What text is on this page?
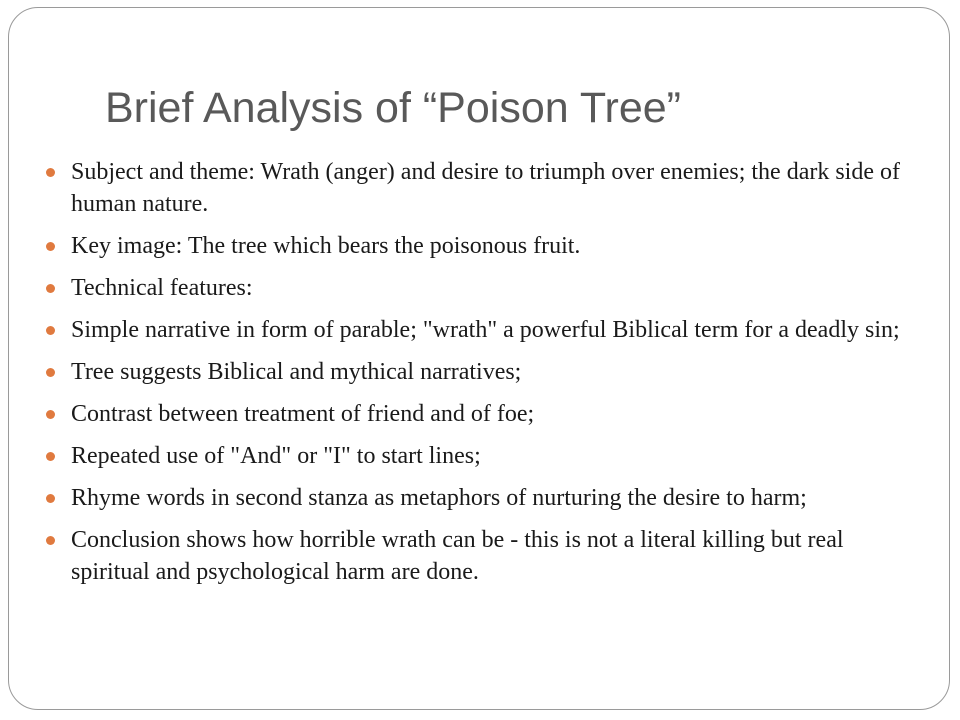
Brief Analysis of “Poison Tree”
Subject and theme: Wrath (anger) and desire to triumph over enemies; the dark side of human nature.
Key image: The tree which bears the poisonous fruit.
Technical features:
Simple narrative in form of parable; "wrath" a powerful Biblical term for a deadly sin;
Tree suggests Biblical and mythical narratives;
Contrast between treatment of friend and of foe;
Repeated use of "And" or "I" to start lines;
Rhyme words in second stanza as metaphors of nurturing the desire to harm;
Conclusion shows how horrible wrath can be - this is not a literal killing but real spiritual and psychological harm are done.
